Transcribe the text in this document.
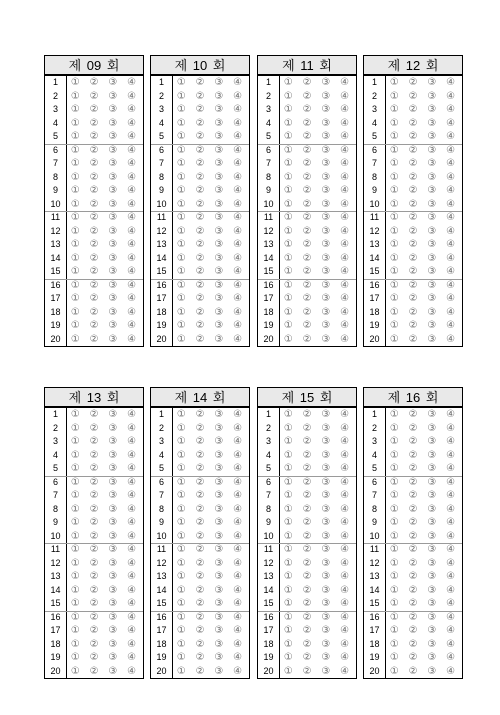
제 09 회
1	① ② ③ ④
2	① ② ③ ④
3	① ② ③ ④
4	① ② ③ ④
5	① ② ③ ④
6	① ② ③ ④
7	① ② ③ ④
8	① ② ③ ④
9	① ② ③ ④
10	① ② ③ ④
11	① ② ③ ④
12	① ② ③ ④
13	① ② ③ ④
14	① ② ③ ④
15	① ② ③ ④
16	① ② ③ ④
17	① ② ③ ④
18	① ② ③ ④
19	① ② ③ ④
20	① ② ③ ④
제 10 회
1	① ② ③ ④
2	① ② ③ ④
3	① ② ③ ④
4	① ② ③ ④
5	① ② ③ ④
6	① ② ③ ④
7	① ② ③ ④
8	① ② ③ ④
9	① ② ③ ④
10	① ② ③ ④
11	① ② ③ ④
12	① ② ③ ④
13	① ② ③ ④
14	① ② ③ ④
15	① ② ③ ④
16	① ② ③ ④
17	① ② ③ ④
18	① ② ③ ④
19	① ② ③ ④
20	① ② ③ ④
제 11 회
1	① ② ③ ④
2	① ② ③ ④
3	① ② ③ ④
4	① ② ③ ④
5	① ② ③ ④
6	① ② ③ ④
7	① ② ③ ④
8	① ② ③ ④
9	① ② ③ ④
10	① ② ③ ④
11	① ② ③ ④
12	① ② ③ ④
13	① ② ③ ④
14	① ② ③ ④
15	① ② ③ ④
16	① ② ③ ④
17	① ② ③ ④
18	① ② ③ ④
19	① ② ③ ④
20	① ② ③ ④
제 12 회
1	① ② ③ ④
2	① ② ③ ④
3	① ② ③ ④
4	① ② ③ ④
5	① ② ③ ④
6	① ② ③ ④
7	① ② ③ ④
8	① ② ③ ④
9	① ② ③ ④
10	① ② ③ ④
11	① ② ③ ④
12	① ② ③ ④
13	① ② ③ ④
14	① ② ③ ④
15	① ② ③ ④
16	① ② ③ ④
17	① ② ③ ④
18	① ② ③ ④
19	① ② ③ ④
20	① ② ③ ④
제 13 회
1	① ② ③ ④
2	① ② ③ ④
3	① ② ③ ④
4	① ② ③ ④
5	① ② ③ ④
6	① ② ③ ④
7	① ② ③ ④
8	① ② ③ ④
9	① ② ③ ④
10	① ② ③ ④
11	① ② ③ ④
12	① ② ③ ④
13	① ② ③ ④
14	① ② ③ ④
15	① ② ③ ④
16	① ② ③ ④
17	① ② ③ ④
18	① ② ③ ④
19	① ② ③ ④
20	① ② ③ ④
제 14 회
1	① ② ③ ④
2	① ② ③ ④
3	① ② ③ ④
4	① ② ③ ④
5	① ② ③ ④
6	① ② ③ ④
7	① ② ③ ④
8	① ② ③ ④
9	① ② ③ ④
10	① ② ③ ④
11	① ② ③ ④
12	① ② ③ ④
13	① ② ③ ④
14	① ② ③ ④
15	① ② ③ ④
16	① ② ③ ④
17	① ② ③ ④
18	① ② ③ ④
19	① ② ③ ④
20	① ② ③ ④
제 15 회
1	① ② ③ ④
2	① ② ③ ④
3	① ② ③ ④
4	① ② ③ ④
5	① ② ③ ④
6	① ② ③ ④
7	① ② ③ ④
8	① ② ③ ④
9	① ② ③ ④
10	① ② ③ ④
11	① ② ③ ④
12	① ② ③ ④
13	① ② ③ ④
14	① ② ③ ④
15	① ② ③ ④
16	① ② ③ ④
17	① ② ③ ④
18	① ② ③ ④
19	① ② ③ ④
20	① ② ③ ④
제 16 회
1	① ② ③ ④
2	① ② ③ ④
3	① ② ③ ④
4	① ② ③ ④
5	① ② ③ ④
6	① ② ③ ④
7	① ② ③ ④
8	① ② ③ ④
9	① ② ③ ④
10	① ② ③ ④
11	① ② ③ ④
12	① ② ③ ④
13	① ② ③ ④
14	① ② ③ ④
15	① ② ③ ④
16	① ② ③ ④
17	① ② ③ ④
18	① ② ③ ④
19	① ② ③ ④
20	① ② ③ ④
